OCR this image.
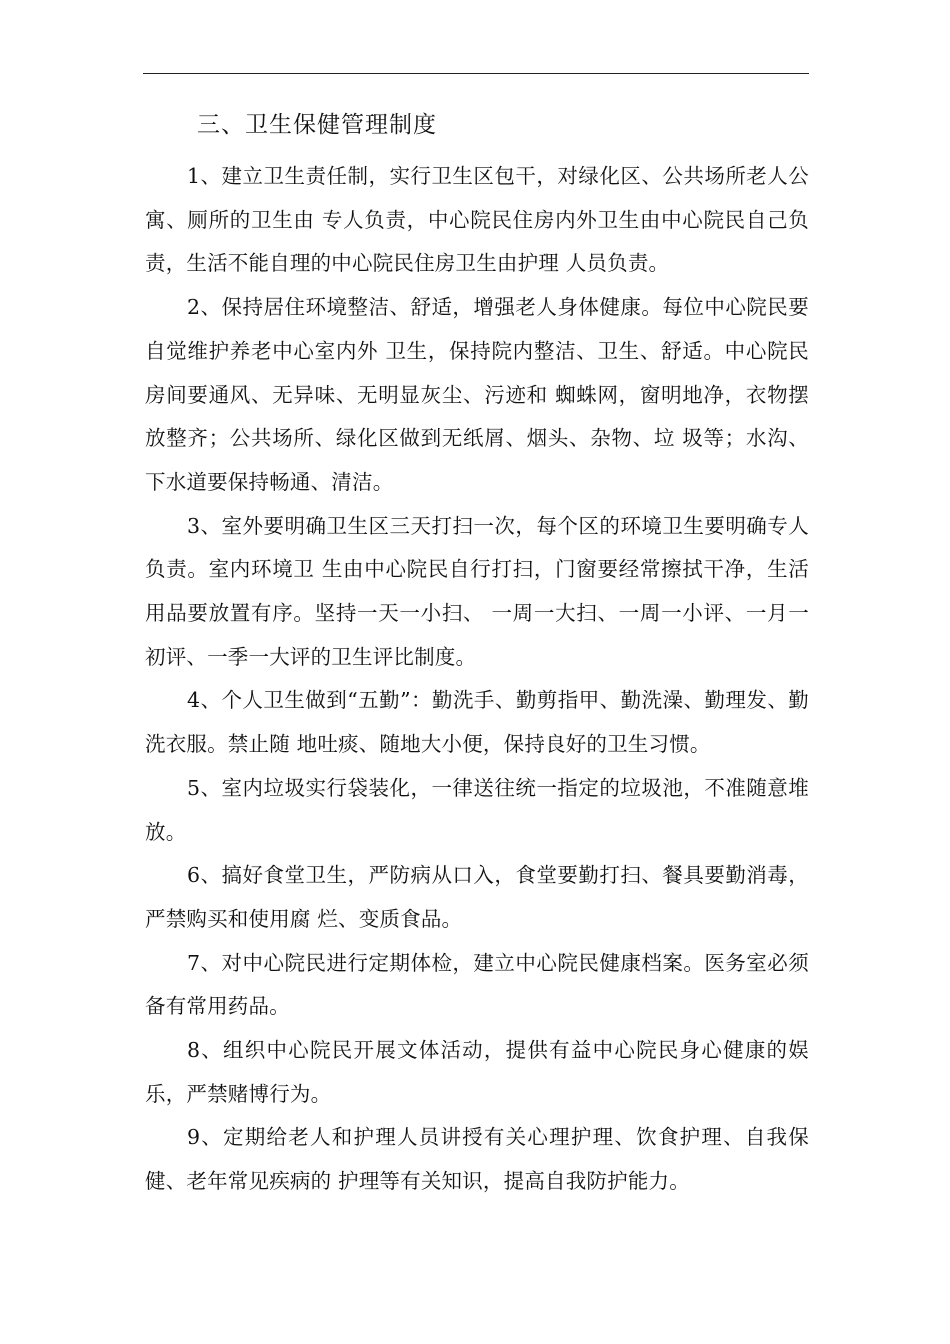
三、卫生保健管理制度

1、建立卫生责任制，实行卫生区包干，对绿化区、公共场所老人公寓、厕所的卫生由 专人负责，中心院民住房内外卫生由中心院民自己负责，生活不能自理的中心院民住房卫生由护理 人员负责。

2、保持居住环境整洁、舒适，增强老人身体健康。每位中心院民要自觉维护养老中心室内外 卫生，保持院内整洁、卫生、舒适。中心院民房间要通风、无异味、无明显灰尘、污迹和 蜘蛛网，窗明地净，衣物摆放整齐；公共场所、绿化区做到无纸屑、烟头、杂物、垃 圾等；水沟、下水道要保持畅通、清洁。

3、室外要明确卫生区三天打扫一次，每个区的环境卫生要明确专人负责。室内环境卫 生由中心院民自行打扫，门窗要经常擦拭干净，生活用品要放置有序。坚持一天一小扫、 一周一大扫、一周一小评、一月一初评、一季一大评的卫生评比制度。

4、个人卫生做到“五勤”：勤洗手、勤剪指甲、勤洗澡、勤理发、勤洗衣服。禁止随 地吐痰、随地大小便，保持良好的卫生习惯。

5、室内垃圾实行袋装化，一律送往统一指定的垃圾池，不准随意堆放。

6、搞好食堂卫生，严防病从口入，食堂要勤打扫、餐具要勤消毒，严禁购买和使用腐 烂、变质食品。

7、对中心院民进行定期体检，建立中心院民健康档案。医务室必须备有常用药品。

8、组织中心院民开展文体活动，提供有益中心院民身心健康的娱乐，严禁赌博行为。

9、定期给老人和护理人员讲授有关心理护理、饮食护理、自我保健、老年常见疾病的 护理等有关知识，提高自我防护能力。
